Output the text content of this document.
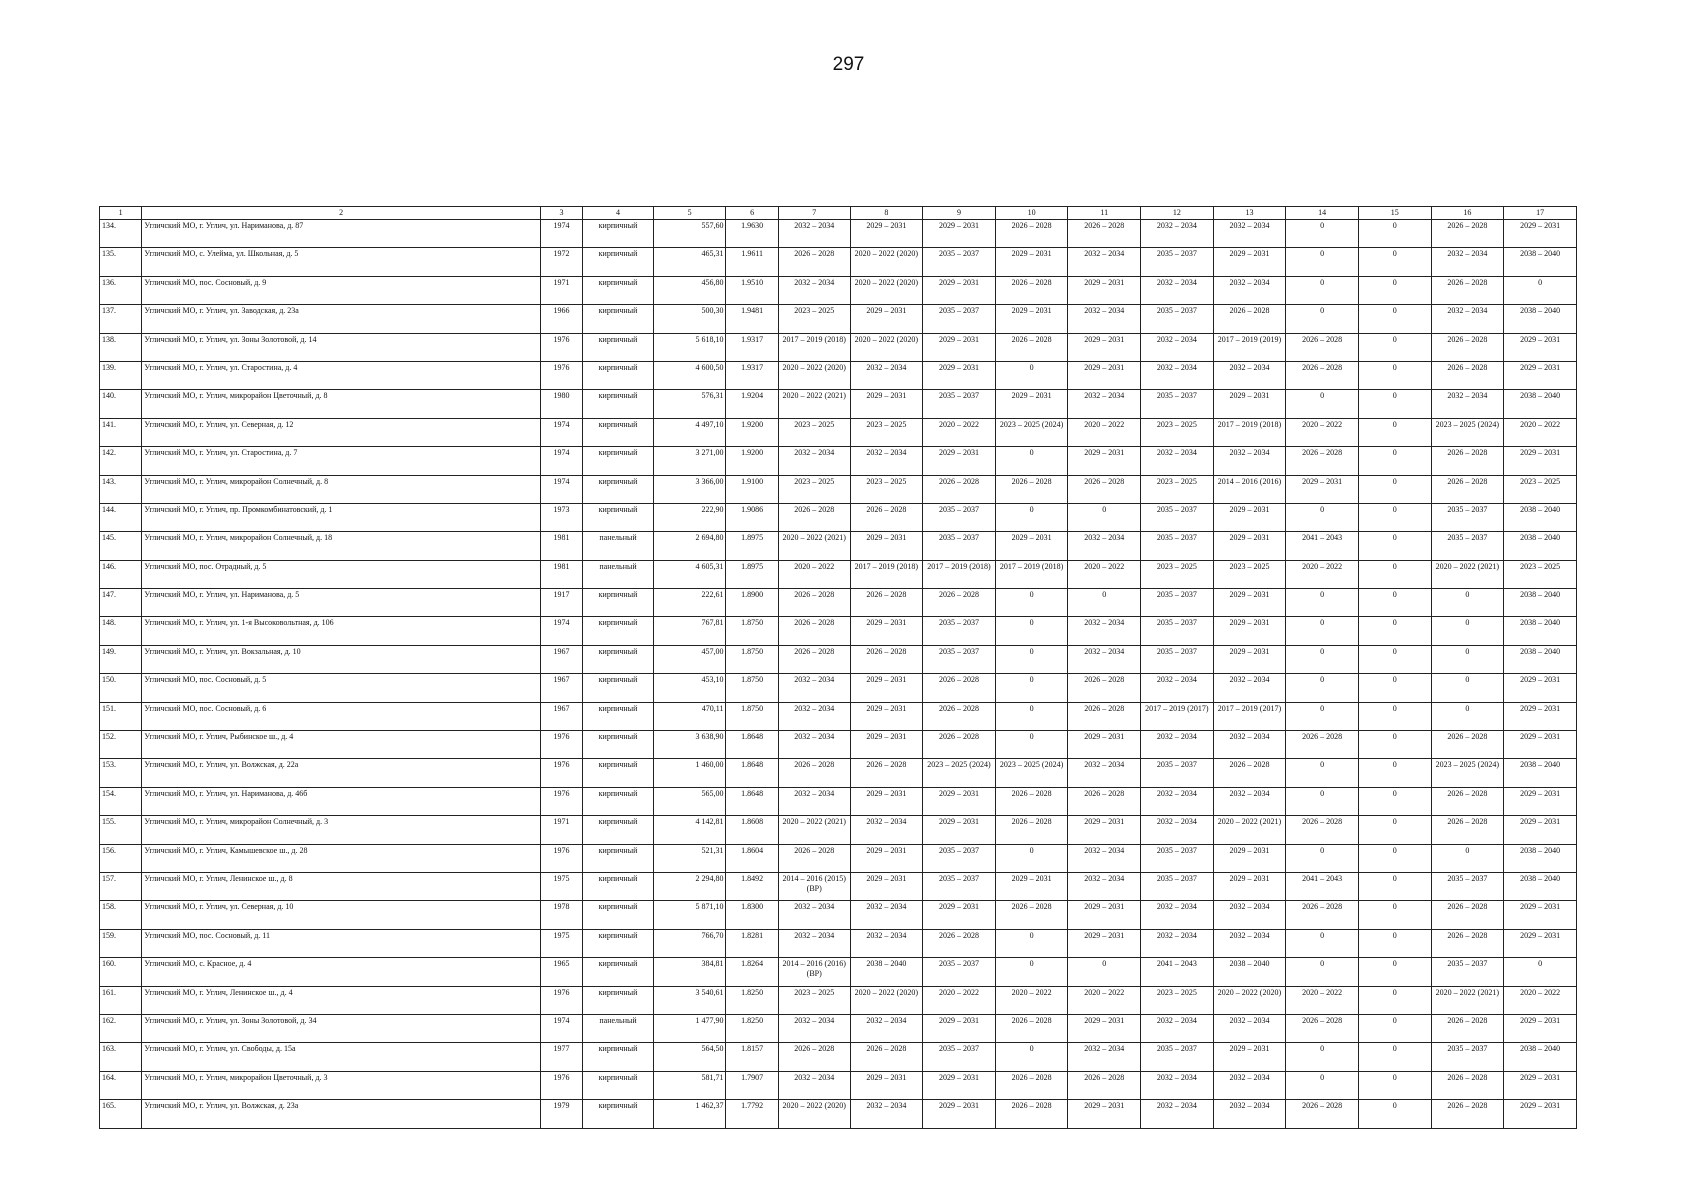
297
1	2	3	4	5	6	7	8	9	10	11	12	13	14	15	16	17
134.	Угличский МО, г. Углич, ул. Нариманова, д. 87	1974	кирпичный	557,60	1.9630	2032 – 2034	2029 – 2031	2029 – 2031	2026 – 2028	2026 – 2028	2032 – 2034	2032 – 2034	0	0	2026 – 2028	2029 – 2031
135.	Угличский МО, с. Улейма, ул. Школьная, д. 5	1972	кирпичный	465,31	1.9611	2026 – 2028	2020 – 2022 (2020)	2035 – 2037	2029 – 2031	2032 – 2034	2035 – 2037	2029 – 2031	0	0	2032 – 2034	2038 – 2040
136.	Угличский МО, пос. Сосновый, д. 9	1971	кирпичный	456,80	1.9510	2032 – 2034	2020 – 2022 (2020)	2029 – 2031	2026 – 2028	2029 – 2031	2032 – 2034	2032 – 2034	0	0	2026 – 2028	0
137.	Угличский МО, г. Углич, ул. Заводская, д. 23а	1966	кирпичный	500,30	1.9481	2023 – 2025	2029 – 2031	2035 – 2037	2029 – 2031	2032 – 2034	2035 – 2037	2026 – 2028	0	0	2032 – 2034	2038 – 2040
138.	Угличский МО, г. Углич, ул. Зоны Золотовой, д. 14	1976	кирпичный	5 618,10	1.9317	2017 – 2019 (2018)	2020 – 2022 (2020)	2029 – 2031	2026 – 2028	2029 – 2031	2032 – 2034	2017 – 2019 (2019)	2026 – 2028	0	2026 – 2028	2029 – 2031
139.	Угличский МО, г. Углич, ул. Старостина, д. 4	1976	кирпичный	4 600,50	1.9317	2020 – 2022 (2020)	2032 – 2034	2029 – 2031	0	2029 – 2031	2032 – 2034	2032 – 2034	2026 – 2028	0	2026 – 2028	2029 – 2031
140.	Угличский МО, г. Углич, микрорайон Цветочный, д. 8	1980	кирпичный	576,31	1.9204	2020 – 2022 (2021)	2029 – 2031	2035 – 2037	2029 – 2031	2032 – 2034	2035 – 2037	2029 – 2031	0	0	2032 – 2034	2038 – 2040
141.	Угличский МО, г. Углич, ул. Северная, д. 12	1974	кирпичный	4 497,10	1.9200	2023 – 2025	2023 – 2025	2020 – 2022	2023 – 2025 (2024)	2020 – 2022	2023 – 2025	2017 – 2019 (2018)	2020 – 2022	0	2023 – 2025 (2024)	2020 – 2022
142.	Угличский МО, г. Углич, ул. Старостина, д. 7	1974	кирпичный	3 271,00	1.9200	2032 – 2034	2032 – 2034	2029 – 2031	0	2029 – 2031	2032 – 2034	2032 – 2034	2026 – 2028	0	2026 – 2028	2029 – 2031
143.	Угличский МО, г. Углич, микрорайон Солнечный, д. 8	1974	кирпичный	3 366,00	1.9100	2023 – 2025	2023 – 2025	2026 – 2028	2026 – 2028	2026 – 2028	2023 – 2025	2014 – 2016 (2016)	2029 – 2031	0	2026 – 2028	2023 – 2025
144.	Угличский МО, г. Углич, пр. Промкомбинатовский, д. 1	1973	кирпичный	222,90	1.9086	2026 – 2028	2026 – 2028	2035 – 2037	0	0	2035 – 2037	2029 – 2031	0	0	2035 – 2037	2038 – 2040
145.	Угличский МО, г. Углич, микрорайон Солнечный, д. 18	1981	панельный	2 694,80	1.8975	2020 – 2022 (2021)	2029 – 2031	2035 – 2037	2029 – 2031	2032 – 2034	2035 – 2037	2029 – 2031	2041 – 2043	0	2035 – 2037	2038 – 2040
146.	Угличский МО, пос. Отрадный, д. 5	1981	панельный	4 605,31	1.8975	2020 – 2022	2017 – 2019 (2018)	2017 – 2019 (2018)	2017 – 2019 (2018)	2020 – 2022	2023 – 2025	2023 – 2025	2020 – 2022	0	2020 – 2022 (2021)	2023 – 2025
147.	Угличский МО, г. Углич, ул. Нариманова, д. 5	1917	кирпичный	222,61	1.8900	2026 – 2028	2026 – 2028	2026 – 2028	0	0	2035 – 2037	2029 – 2031	0	0	0	2038 – 2040
148.	Угличский МО, г. Углич, ул. 1-я Высоковольтная, д. 106	1974	кирпичный	767,81	1.8750	2026 – 2028	2029 – 2031	2035 – 2037	0	2032 – 2034	2035 – 2037	2029 – 2031	0	0	0	2038 – 2040
149.	Угличский МО, г. Углич, ул. Вокзальная, д. 10	1967	кирпичный	457,00	1.8750	2026 – 2028	2026 – 2028	2035 – 2037	0	2032 – 2034	2035 – 2037	2029 – 2031	0	0	0	2038 – 2040
150.	Угличский МО, пос. Сосновый, д. 5	1967	кирпичный	453,10	1.8750	2032 – 2034	2029 – 2031	2026 – 2028	0	2026 – 2028	2032 – 2034	2032 – 2034	0	0	0	2029 – 2031
151.	Угличский МО, пос. Сосновый, д. 6	1967	кирпичный	470,11	1.8750	2032 – 2034	2029 – 2031	2026 – 2028	0	2026 – 2028	2017 – 2019 (2017)	2017 – 2019 (2017)	0	0	0	2029 – 2031
152.	Угличский МО, г. Углич, Рыбинское ш., д. 4	1976	кирпичный	3 638,90	1.8648	2032 – 2034	2029 – 2031	2026 – 2028	0	2029 – 2031	2032 – 2034	2032 – 2034	2026 – 2028	0	2026 – 2028	2029 – 2031
153.	Угличский МО, г. Углич, ул. Волжская, д. 22а	1976	кирпичный	1 460,00	1.8648	2026 – 2028	2026 – 2028	2023 – 2025 (2024)	2023 – 2025 (2024)	2032 – 2034	2035 – 2037	2026 – 2028	0	0	2023 – 2025 (2024)	2038 – 2040
154.	Угличский МО, г. Углич, ул. Нариманова, д. 46б	1976	кирпичный	565,00	1.8648	2032 – 2034	2029 – 2031	2029 – 2031	2026 – 2028	2026 – 2028	2032 – 2034	2032 – 2034	0	0	2026 – 2028	2029 – 2031
155.	Угличский МО, г. Углич, микрорайон Солнечный, д. 3	1971	кирпичный	4 142,81	1.8608	2020 – 2022 (2021)	2032 – 2034	2029 – 2031	2026 – 2028	2029 – 2031	2032 – 2034	2020 – 2022 (2021)	2026 – 2028	0	2026 – 2028	2029 – 2031
156.	Угличский МО, г. Углич, Камышевское ш., д. 28	1976	кирпичный	521,31	1.8604	2026 – 2028	2029 – 2031	2035 – 2037	0	2032 – 2034	2035 – 2037	2029 – 2031	0	0	0	2038 – 2040
157.	Угличский МО, г. Углич, Ленинское ш., д. 8	1975	кирпичный	2 294,80	1.8492	2014 – 2016 (2015) (ВР)	2029 – 2031	2035 – 2037	2029 – 2031	2032 – 2034	2035 – 2037	2029 – 2031	2041 – 2043	0	2035 – 2037	2038 – 2040
158.	Угличский МО, г. Углич, ул. Северная, д. 10	1978	кирпичный	5 871,10	1.8300	2032 – 2034	2032 – 2034	2029 – 2031	2026 – 2028	2029 – 2031	2032 – 2034	2032 – 2034	2026 – 2028	0	2026 – 2028	2029 – 2031
159.	Угличский МО, пос. Сосновый, д. 11	1975	кирпичный	766,70	1.8281	2032 – 2034	2032 – 2034	2026 – 2028	0	2029 – 2031	2032 – 2034	2032 – 2034	0	0	2026 – 2028	2029 – 2031
160.	Угличский МО, с. Красное, д. 4	1965	кирпичный	384,81	1.8264	2014 – 2016 (2016) (ВР)	2038 – 2040	2035 – 2037	0	0	2041 – 2043	2038 – 2040	0	0	2035 – 2037	0
161.	Угличский МО, г. Углич, Ленинское ш., д. 4	1976	кирпичный	3 540,61	1.8250	2023 – 2025	2020 – 2022 (2020)	2020 – 2022	2020 – 2022	2020 – 2022	2023 – 2025	2020 – 2022 (2020)	2020 – 2022	0	2020 – 2022 (2021)	2020 – 2022
162.	Угличский МО, г. Углич, ул. Зоны Золотовой, д. 34	1974	панельный	1 477,90	1.8250	2032 – 2034	2032 – 2034	2029 – 2031	2026 – 2028	2029 – 2031	2032 – 2034	2032 – 2034	2026 – 2028	0	2026 – 2028	2029 – 2031
163.	Угличский МО, г. Углич, ул. Свободы, д. 15а	1977	кирпичный	564,50	1.8157	2026 – 2028	2026 – 2028	2035 – 2037	0	2032 – 2034	2035 – 2037	2029 – 2031	0	0	2035 – 2037	2038 – 2040
164.	Угличский МО, г. Углич, микрорайон Цветочный, д. 3	1976	кирпичный	581,71	1.7907	2032 – 2034	2029 – 2031	2029 – 2031	2026 – 2028	2026 – 2028	2032 – 2034	2032 – 2034	0	0	2026 – 2028	2029 – 2031
165.	Угличский МО, г. Углич, ул. Волжская, д. 23а	1979	кирпичный	1 462,37	1.7792	2020 – 2022 (2020)	2032 – 2034	2029 – 2031	2026 – 2028	2029 – 2031	2032 – 2034	2032 – 2034	2026 – 2028	0	2026 – 2028	2029 – 2031
